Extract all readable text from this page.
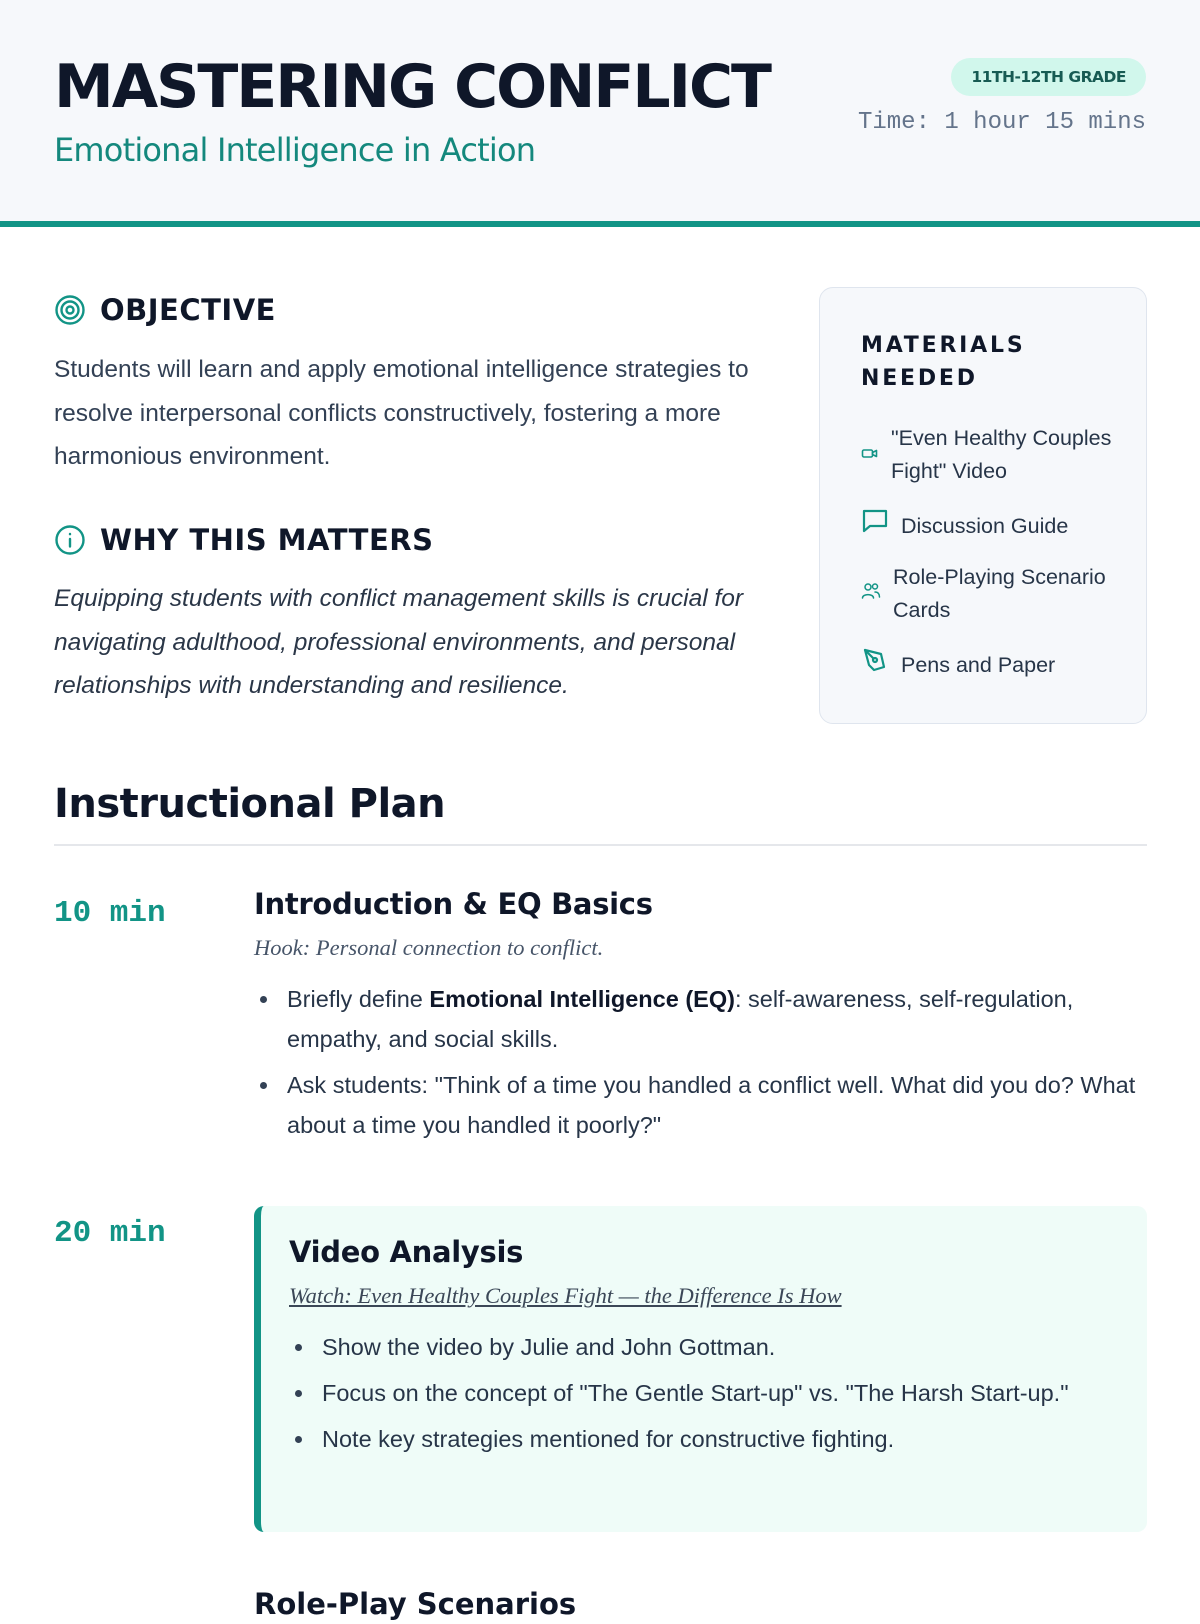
MASTERING CONFLICT
Emotional Intelligence in Action
11TH-12TH GRADE
Time: 1 hour 15 mins
OBJECTIVE

Students will learn and apply emotional intelligence strategies to resolve interpersonal conflicts constructively, fostering a more harmonious environment.

WHY THIS MATTERS

Equipping students with conflict management skills is crucial for navigating adulthood, professional environments, and personal relationships with understanding and resilience.

MATERIALS NEEDED
"Even Healthy Couples Fight" Video
Discussion Guide
Role-Playing Scenario Cards
Pens and Paper
Instructional Plan
10 min	Introduction & EQ Basics
Hook: Personal connection to conflict.
Briefly define Emotional Intelligence (EQ): self-awareness, self-regulation, empathy, and social skills.
Ask students: "Think of a time you handled a conflict well. What did you do? What about a time you handled it poorly?"
20 min
Video Analysis
Watch: Even Healthy Couples Fight — the Difference Is How
Show the video by Julie and John Gottman.
Focus on the concept of "The Gentle Start-up" vs. "The Harsh Start-up."
Note key strategies mentioned for constructive fighting.
Role-Play Scenarios
